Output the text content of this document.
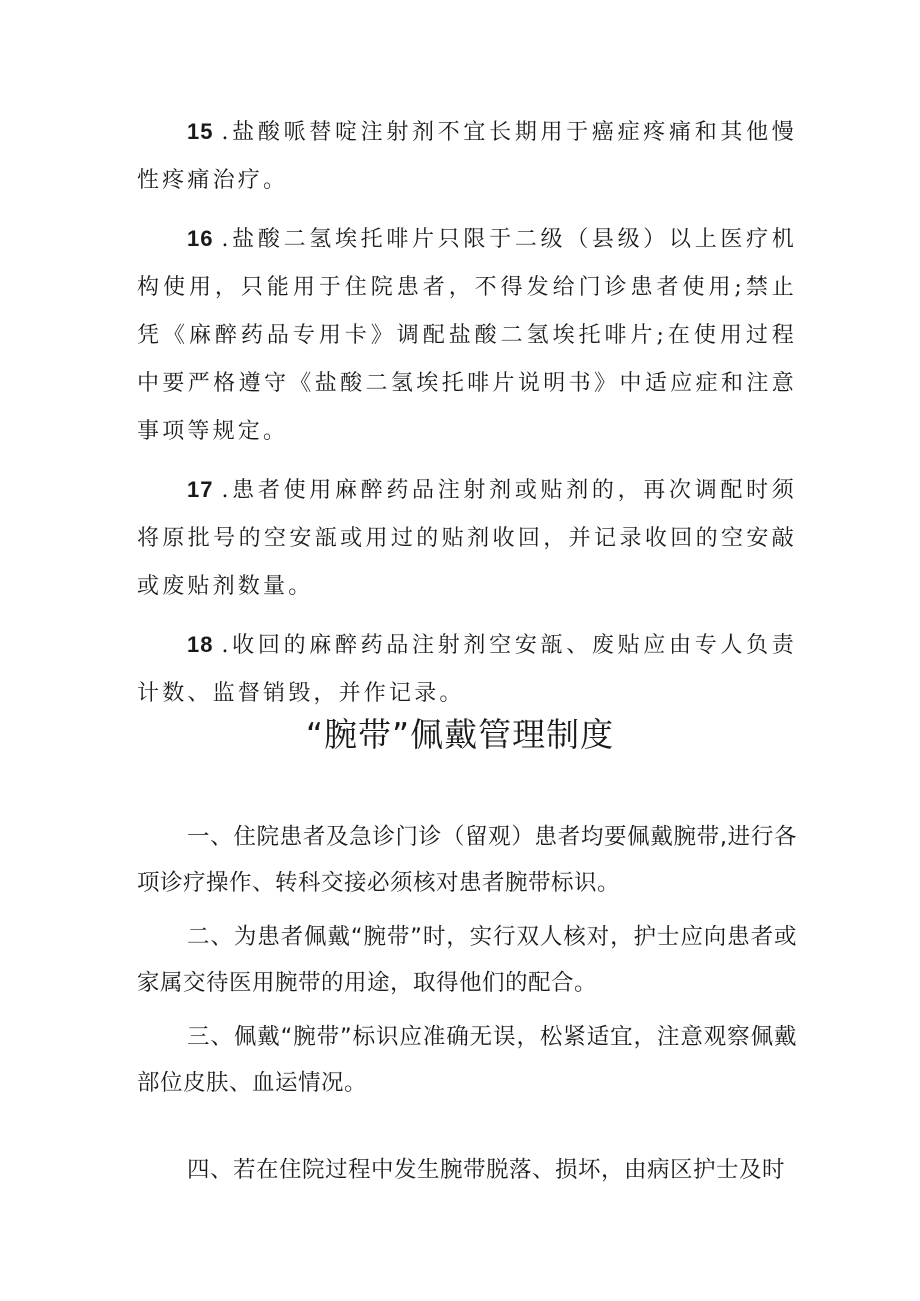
15 .盐酸哌替啶注射剂不宜长期用于癌症疼痛和其他慢性疼痛治疗。

16 .盐酸二氢埃托啡片只限于二级（县级）以上医疗机构使用，只能用于住院患者，不得发给门诊患者使用;禁止凭《麻醉药品专用卡》调配盐酸二氢埃托啡片;在使用过程中要严格遵守《盐酸二氢埃托啡片说明书》中适应症和注意事项等规定。

17 .患者使用麻醉药品注射剂或贴剂的，再次调配时须将原批号的空安瓿或用过的贴剂收回，并记录收回的空安敲或废贴剂数量。

18 .收回的麻醉药品注射剂空安瓿、废贴应由专人负责计数、监督销毁，并作记录。

“腕带”佩戴管理制度

一、住院患者及急诊门诊（留观）患者均要佩戴腕带,进行各项诊疗操作、转科交接必须核对患者腕带标识。

二、为患者佩戴“腕带”时，实行双人核对，护士应向患者或家属交待医用腕带的用途，取得他们的配合。

三、佩戴“腕带”标识应准确无误，松紧适宜，注意观察佩戴部位皮肤、血运情况。

四、若在住院过程中发生腕带脱落、损坏，由病区护士及时
